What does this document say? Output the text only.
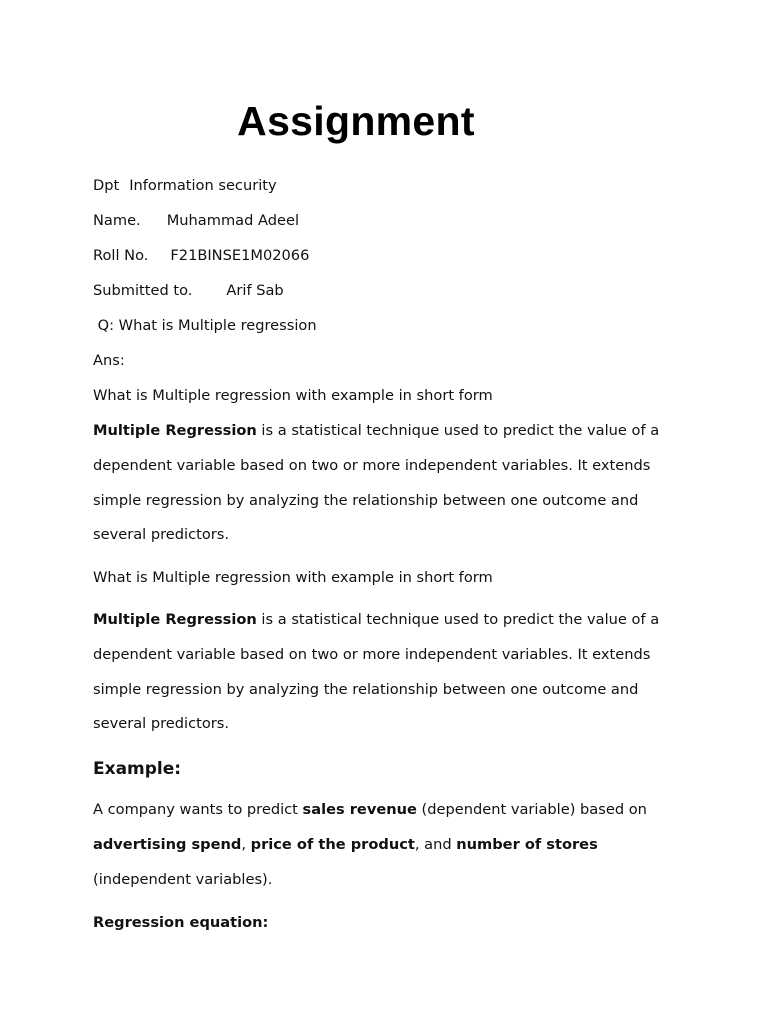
Assignment

Dpt Information security

Name. Muhammad Adeel

Roll No. F21BINSE1M02066

Submitted to. Arif Sab

Q: What is Multiple regression

Ans:

What is Multiple regression with example in short form

Multiple Regression is a statistical technique used to predict the value of a dependent variable based on two or more independent variables. It extends simple regression by analyzing the relationship between one outcome and several predictors.

What is Multiple regression with example in short form

Multiple Regression is a statistical technique used to predict the value of a dependent variable based on two or more independent variables. It extends simple regression by analyzing the relationship between one outcome and several predictors.

Example:

A company wants to predict sales revenue (dependent variable) based on advertising spend, price of the product, and number of stores (independent variables).

Regression equation:
